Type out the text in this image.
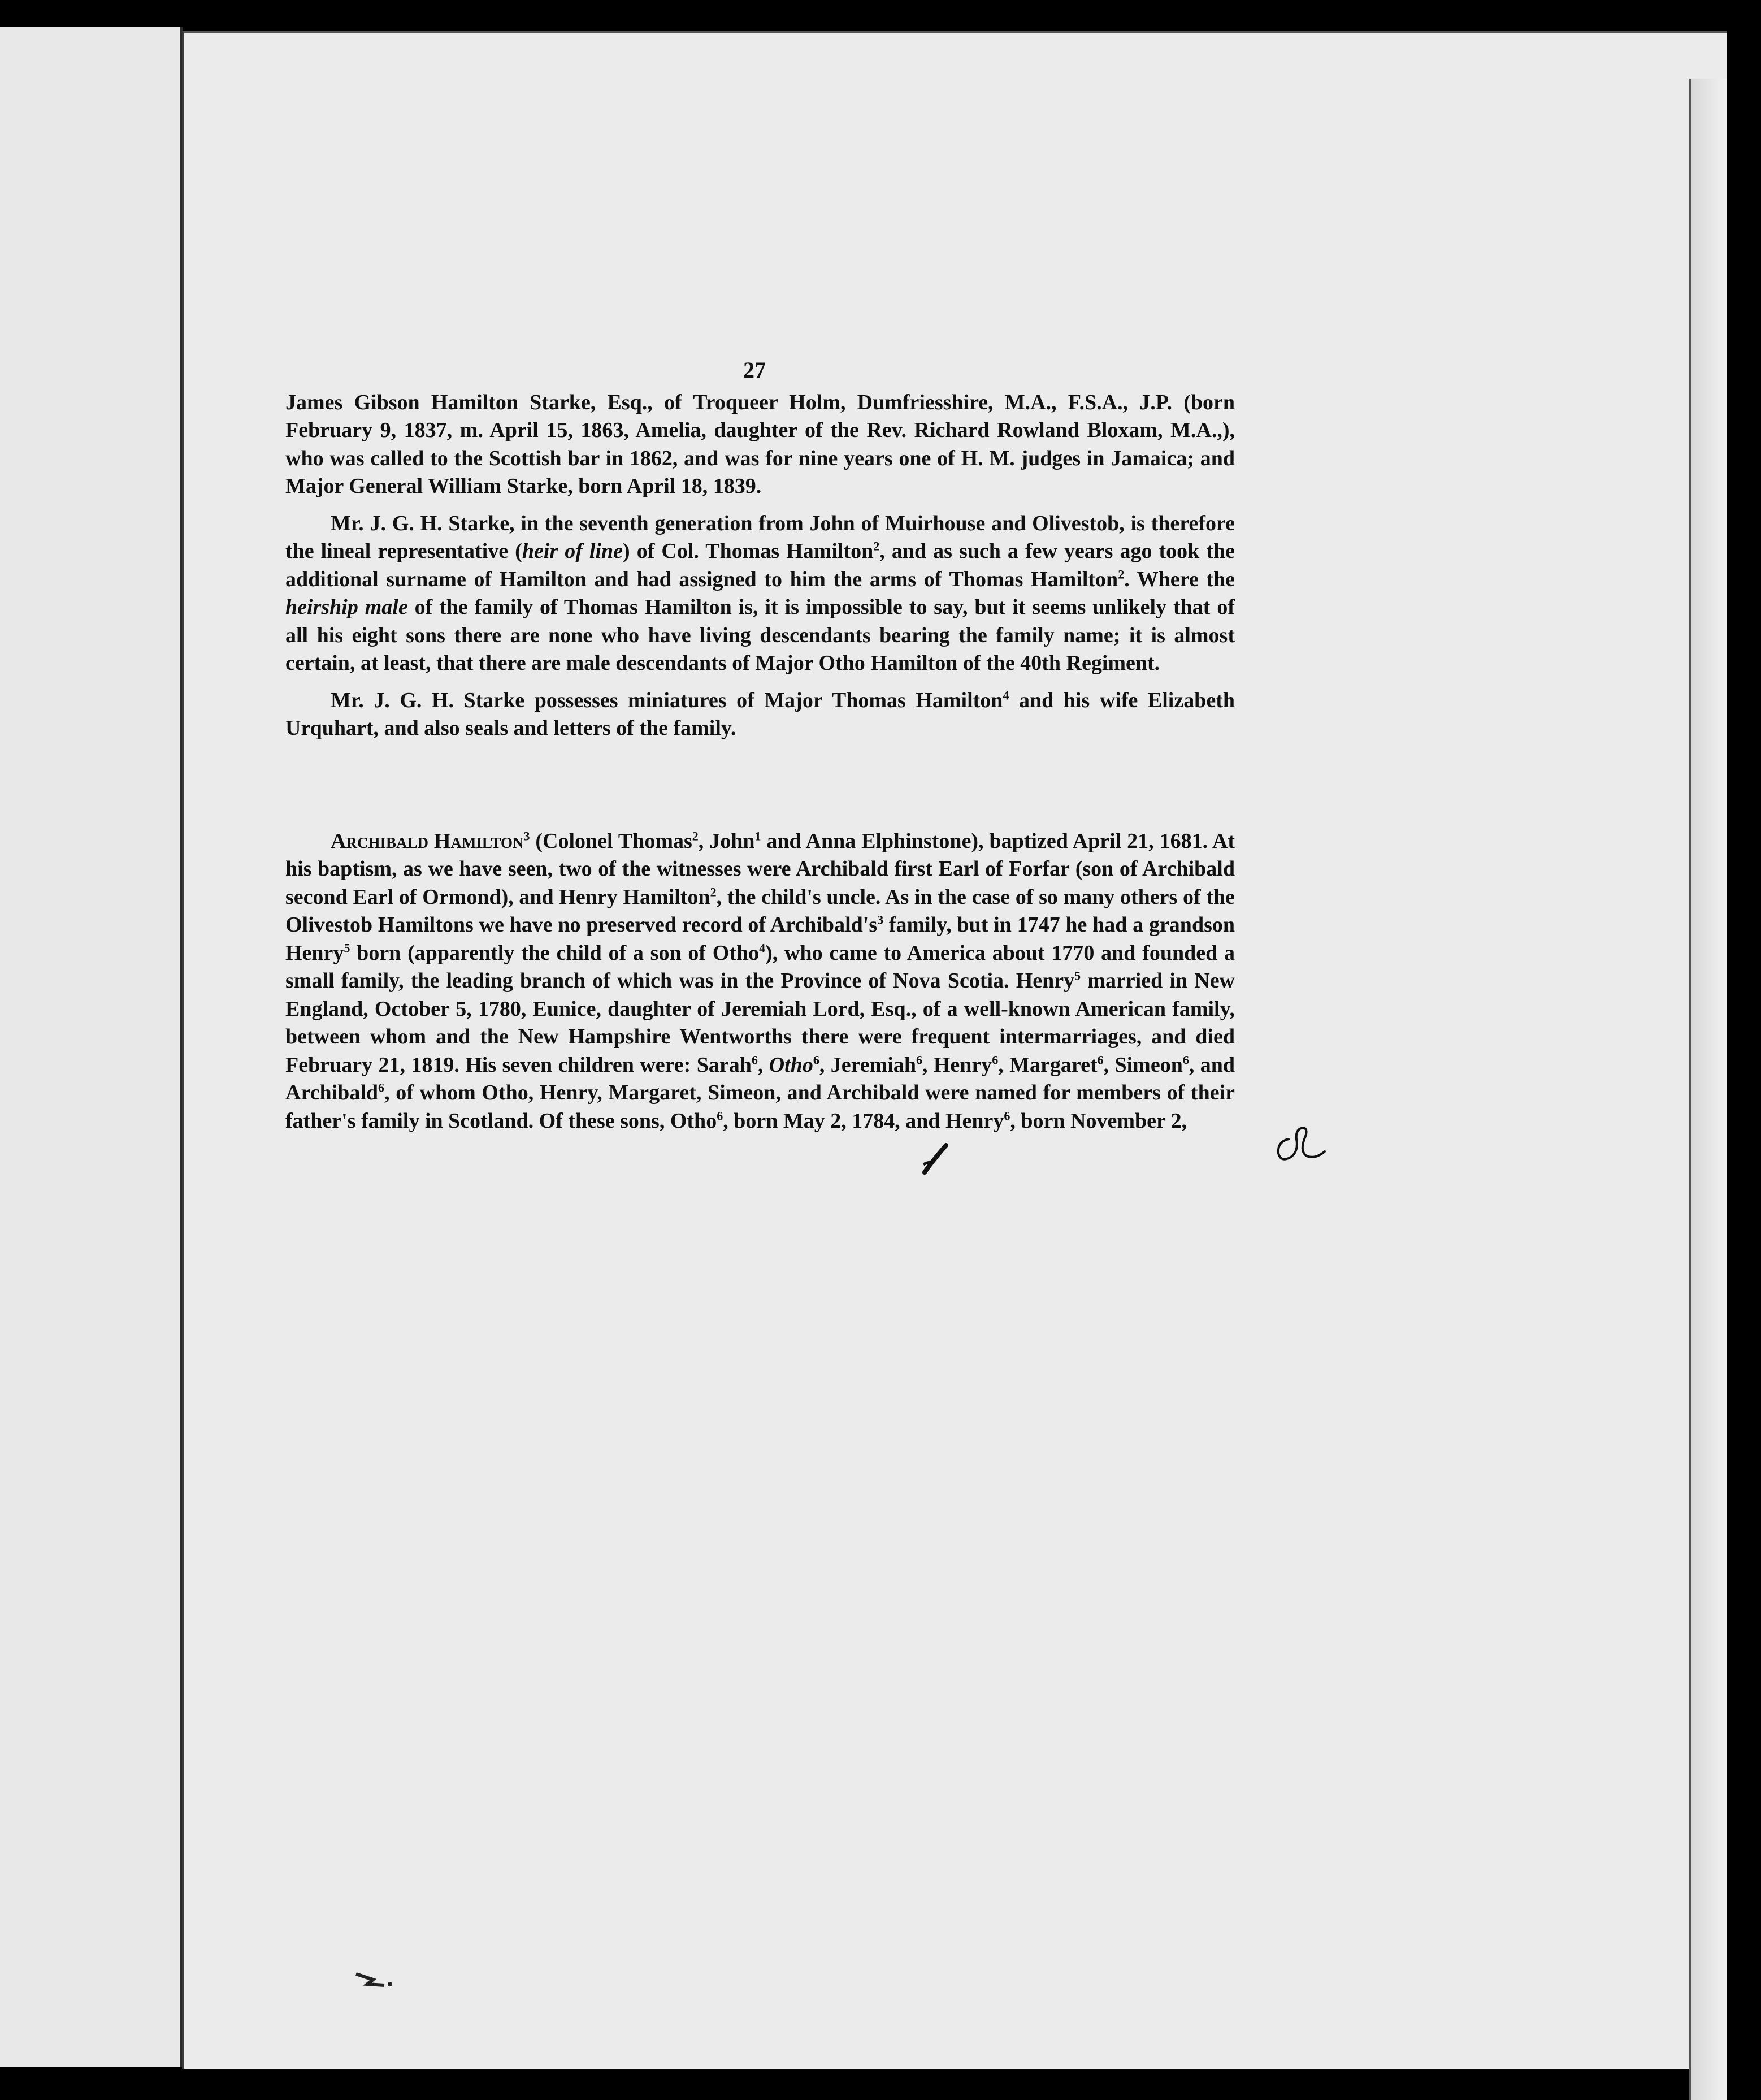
27

James Gibson Hamilton Starke, Esq., of Troqueer Holm, Dumfriesshire, M.A., F.S.A., J.P. (born February 9, 1837, m. April 15, 1863, Amelia, daughter of the Rev. Richard Rowland Bloxam, M.A.,), who was called to the Scottish bar in 1862, and was for nine years one of H. M. judges in Jamaica; and Major General William Starke, born April 18, 1839.

Mr. J. G. H. Starke, in the seventh generation from John of Muirhouse and Olivestob, is therefore the lineal representative (heir of line) of Col. Thomas Hamilton$^2$, and as such a few years ago took the additional surname of Hamilton and had assigned to him the arms of Thomas Hamilton$^2$. Where the heirship male of the family of Thomas Hamilton is, it is impossible to say, but it seems unlikely that of all his eight sons there are none who have living descendants bearing the family name; it is almost certain, at least, that there are male descendants of Major Otho Hamilton of the 40th Regiment.

Mr. J. G. H. Starke possesses miniatures of Major Thomas Hamilton$^4$ and his wife Elizabeth Urquhart, and also seals and letters of the family.

Archibald Hamilton$^3$ (Colonel Thomas$^2$, John$^1$ and Anna Elphinstone), baptized April 21, 1681. At his baptism, as we have seen, two of the witnesses were Archibald first Earl of Forfar (son of Archibald second Earl of Ormond), and Henry Hamilton$^2$, the child's uncle. As in the case of so many others of the Olivestob Hamiltons we have no preserved record of $Archibald's^3$ family, but in 1747 he had a grandson Henry$^5$ born (apparently the child of a son of Otho$^4$), who came to America about 1770 and founded a small family, the leading branch of which was in the Province of Nova Scotia. Henry$^5$ married in New England, October 5, 1780, Eunice, daughter of Jeremiah Lord, Esq., of a well-known American family, between whom and the New Hampshire Wentworths there were frequent intermarriages, and died February 21, 1819. His seven children were: Sarah$^6$, Otho$^6$, Jeremiah$^6$, Henry$^6$, Margaret$^6$, Simeon$^6$, and Archibald$^6$, of whom Otho, Henry, Margaret, Simeon, and Archibald were named for members of their father's family in Scotland. Of these sons, Otho$^6$, born May 2, 1784, and Henry$^6$, born November 2,
